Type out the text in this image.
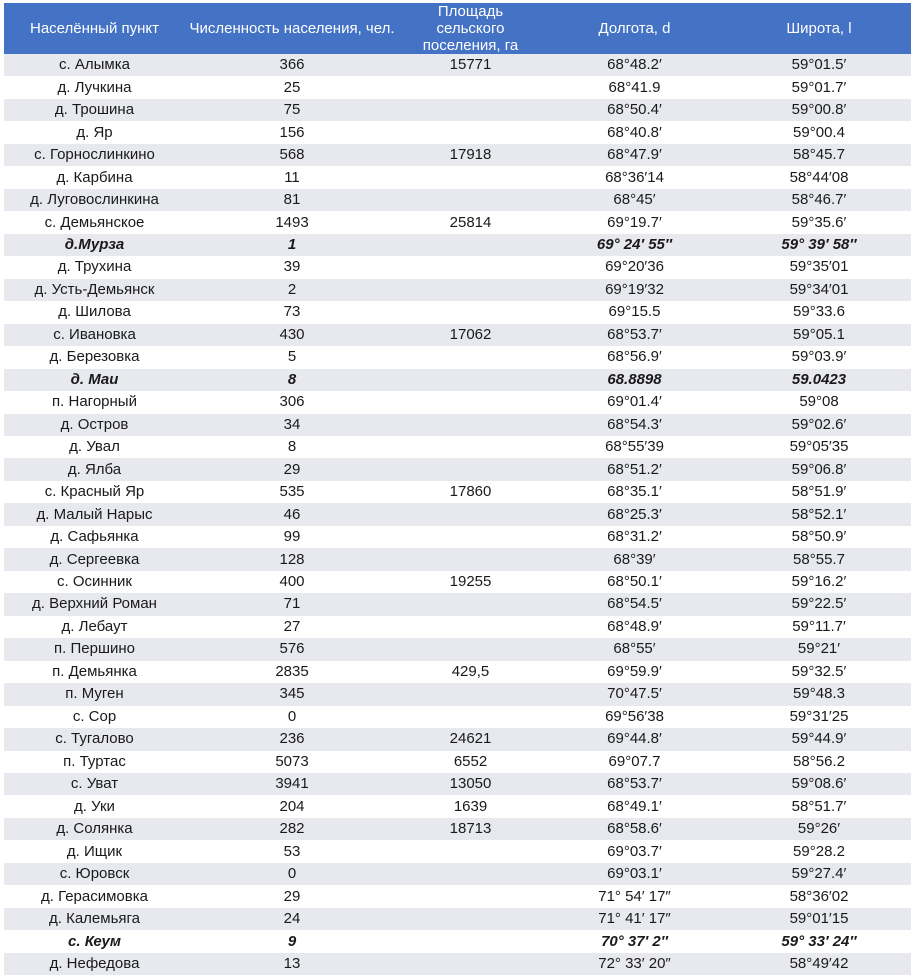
Населённый пункт	Численность населения, чел.	Площадь сельского поселения, га	Долгота, d	Широта, l
с. Алымка	366	15771	68°48.2′	59°01.5′
д. Лучкина	25		68°41.9	59°01.7′
д. Трошина	75		68°50.4′	59°00.8′
д. Яр	156		68°40.8′	59°00.4
с. Горнослинкино	568	17918	68°47.9′	58°45.7
д. Карбина	11		68°36′14	58°44′08
д. Луговослинкина	81		68°45′	58°46.7′
с. Демьянское	1493	25814	69°19.7′	59°35.6′
д.Мурза	1		69° 24′ 55″	59° 39′ 58″
д. Трухина	39		69°20′36	59°35′01
д. Усть-Демьянск	2		69°19′32	59°34′01
д. Шилова	73		69°15.5	59°33.6
с. Ивановка	430	17062	68°53.7′	59°05.1
д. Березовка	5		68°56.9′	59°03.9′
д. Маи	8		68.8898	59.0423
п. Нагорный	306		69°01.4′	59°08
д. Остров	34		68°54.3′	59°02.6′
д. Увал	8		68°55′39	59°05′35
д. Ялба	29		68°51.2′	59°06.8′
с. Красный Яр	535	17860	68°35.1′	58°51.9′
д. Малый Нарыс	46		68°25.3′	58°52.1′
д. Сафьянка	99		68°31.2′	58°50.9′
д. Сергеевка	128		68°39′	58°55.7
с. Осинник	400	19255	68°50.1′	59°16.2′
д. Верхний Роман	71		68°54.5′	59°22.5′
д. Лебаут	27		68°48.9′	59°11.7′
п. Першино	576		68°55′	59°21′
п. Демьянка	2835	429,5	69°59.9′	59°32.5′
п. Муген	345		70°47.5′	59°48.3
с. Сор	0		69°56′38	59°31′25
с. Тугалово	236	24621	69°44.8′	59°44.9′
п. Туртас	5073	6552	69°07.7	58°56.2
с. Уват	3941	13050	68°53.7′	59°08.6′
д. Уки	204	1639	68°49.1′	58°51.7′
д. Солянка	282	18713	68°58.6′	59°26′
д. Ищик	53		69°03.7′	59°28.2
с. Юровск	0		69°03.1′	59°27.4′
д. Герасимовка	29		71° 54′ 17″	58°36′02
д. Калемьяга	24		71° 41′ 17″	59°01′15
с. Кеум	9		70° 37′ 2″	59° 33′ 24″
д. Нефедова	13		72° 33′ 20″	58°49′42
